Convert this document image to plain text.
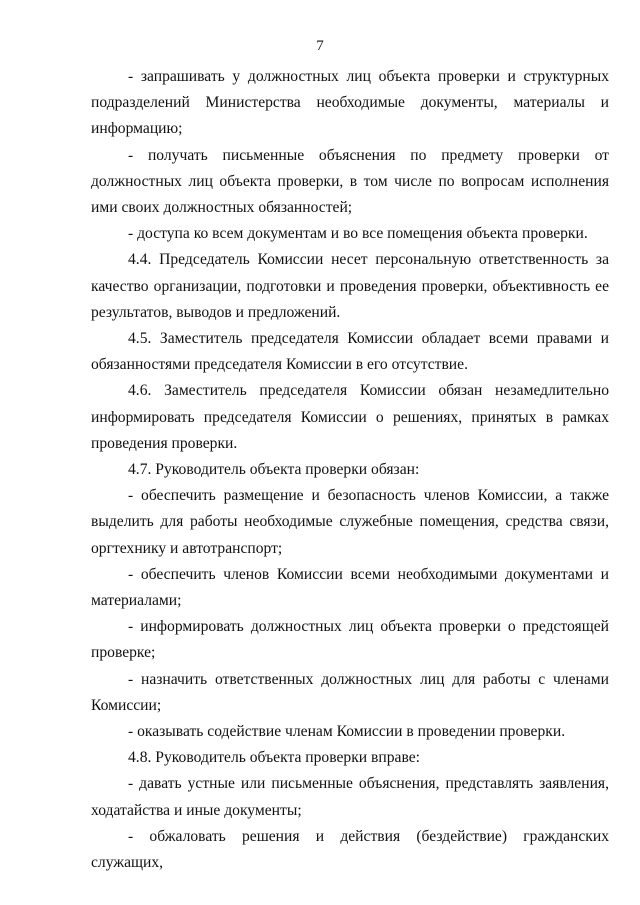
7

- запрашивать у должностных лиц объекта проверки и структурных подразделений Министерства необходимые документы, материалы и информацию;

- получать письменные объяснения по предмету проверки от должностных лиц объекта проверки, в том числе по вопросам исполнения ими своих должностных обязанностей;

- доступа ко всем документам и во все помещения объекта проверки.

4.4. Председатель Комиссии несет персональную ответственность за качество организации, подготовки и проведения проверки, объективность ее результатов, выводов и предложений.

4.5. Заместитель председателя Комиссии обладает всеми правами и обязанностями председателя Комиссии в его отсутствие.

4.6. Заместитель председателя Комиссии обязан незамедлительно информировать председателя Комиссии о решениях, принятых в рамках проведения проверки.

4.7. Руководитель объекта проверки обязан:

- обеспечить размещение и безопасность членов Комиссии, а также выделить для работы необходимые служебные помещения, средства связи, оргтехнику и автотранспорт;

- обеспечить членов Комиссии всеми необходимыми документами и материалами;

- информировать должностных лиц объекта проверки о предстоящей проверке;

- назначить ответственных должностных лиц для работы с членами Комиссии;

- оказывать содействие членам Комиссии в проведении проверки.

4.8. Руководитель объекта проверки вправе:

- давать устные или письменные объяснения, представлять заявления, ходатайства и иные документы;

- обжаловать решения и действия (бездействие) гражданских служащих,
